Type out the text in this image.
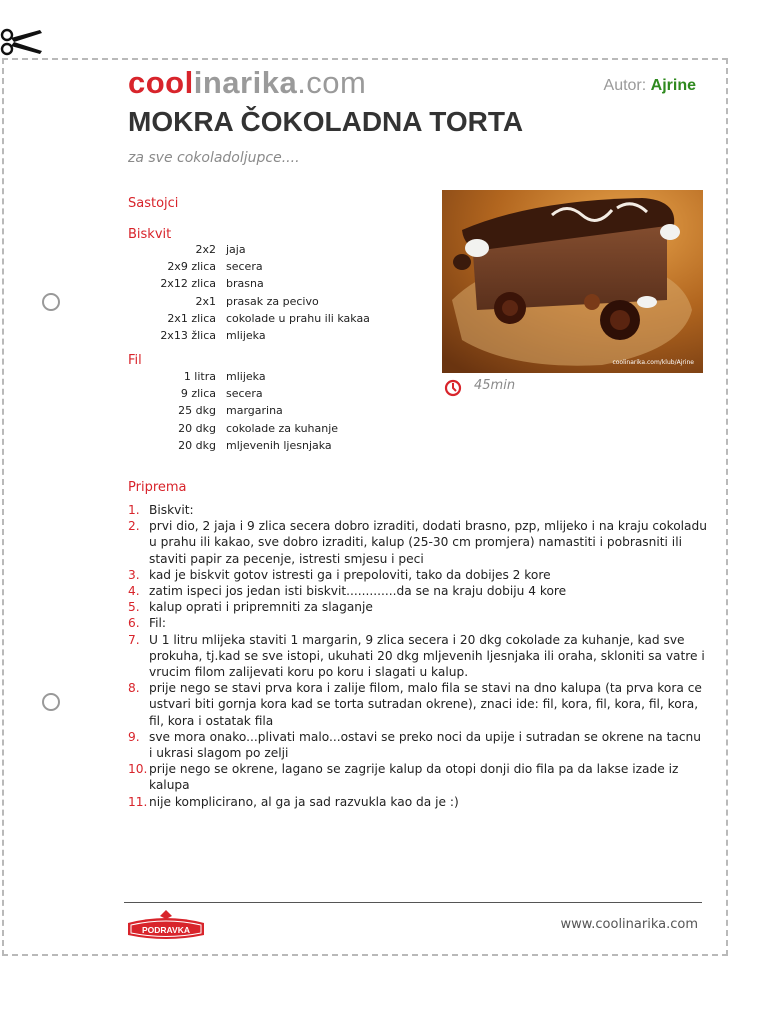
coolinarika.com	Autor: Ajrine
MOKRA ČOKOLADNA TORTA
za sve cokoladoljupce....
Sastojci
Biskvit
2x2 jaja
2x9 zlica secera
2x12 zlica brasna
2x1 prasak za pecivo
2x1 zlica cokolade u prahu ili kakaa
2x13 žlica mlijeka
Fil
1 litra mlijeka
9 zlica secera
25 dkg margarina
20 dkg cokolade za kuhanje
20 dkg mljevenih ljesnjaka
coolinarika.com/klub/Ajrine
45min
Priprema
1. Biskvit:
2. prvi dio, 2 jaja i 9 zlica secera dobro izraditi, dodati brasno, pzp, mlijeko i na kraju cokoladu u prahu ili kakao, sve dobro izraditi, kalup (25-30 cm promjera) namastiti i pobrasniti ili staviti papir za pecenje, istresti smjesu i peci
3. kad je biskvit gotov istresti ga i prepoloviti, tako da dobijes 2 kore
4. zatim ispeci jos jedan isti biskvit.............da se na kraju dobiju 4 kore
5. kalup oprati i pripremniti za slaganje
6. Fil:
7. U 1 litru mlijeka staviti 1 margarin, 9 zlica secera i 20 dkg cokolade za kuhanje, kad sve prokuha, tj.kad se sve istopi, ukuhati 20 dkg mljevenih ljesnjaka ili oraha, skloniti sa vatre i vrucim filom zalijevati koru po koru i slagati u kalup.
8. prije nego se stavi prva kora i zalije filom, malo fila se stavi na dno kalupa (ta prva kora ce ustvari biti gornja kora kad se torta sutradan okrene), znaci ide: fil, kora, fil, kora, fil, kora, fil, kora i ostatak fila
9. sve mora onako...plivati malo...ostavi se preko noci da upije i sutradan se okrene na tacnu i ukrasi slagom po zelji
10. prije nego se okrene, lagano se zagrije kalup da otopi donji dio fila pa da lakse izade iz kalupa
11. nije komplicirano, al ga ja sad razvukla kao da je :)
PODRAVKA	www.coolinarika.com
